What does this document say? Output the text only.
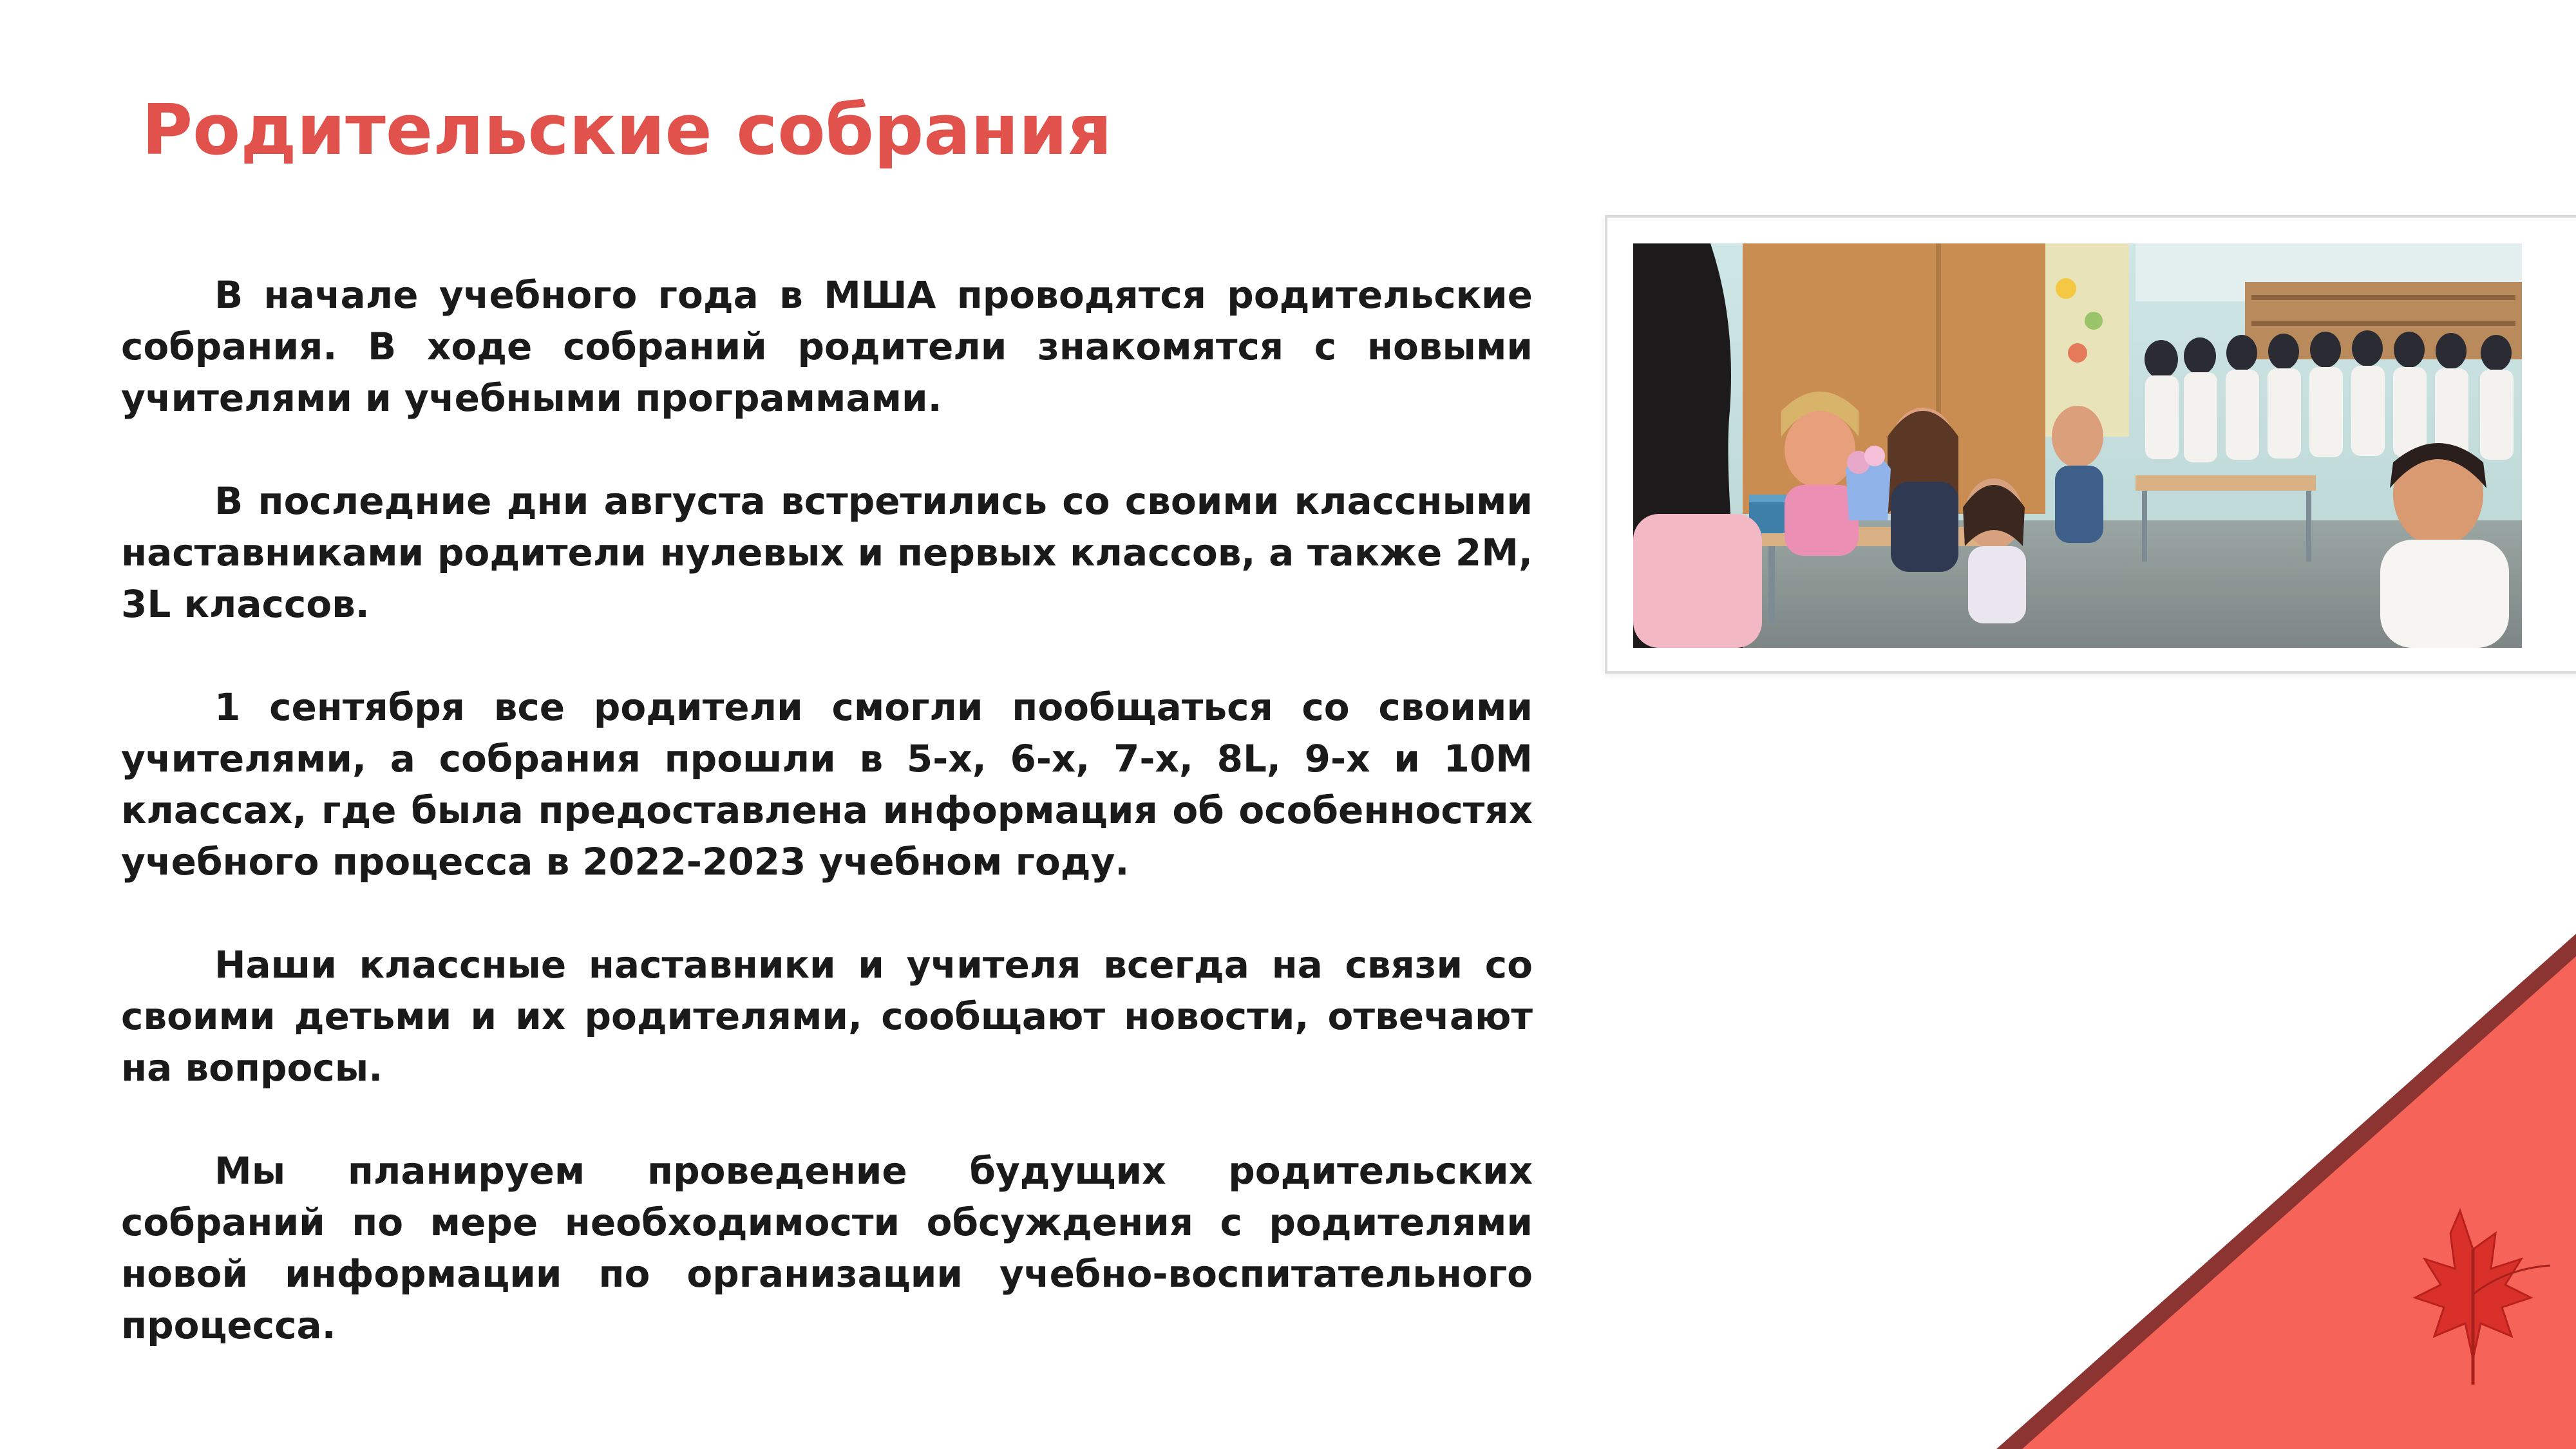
Родительские собрания

В начале учебного года в МША проводятся родительские собрания. В ходе собраний родители знакомятся с новыми учителями и учебными программами.

В последние дни августа встретились со своими классными наставниками родители нулевых и первых классов, а также 2M, 3L классов.

1 сентября все родители смогли пообщаться со своими учителями, а собрания прошли в 5-х, 6-х, 7-х, 8L, 9-х и 10M классах, где была предоставлена информация об особенностях учебного процесса в 2022-2023 учебном году.

Наши классные наставники и учителя всегда на связи со своими детьми и их родителями, сообщают новости, отвечают на вопросы.

Мы планируем проведение будущих родительских собраний по мере необходимости обсуждения с родителями новой информации по организации учебно-воспитательного процесса.
